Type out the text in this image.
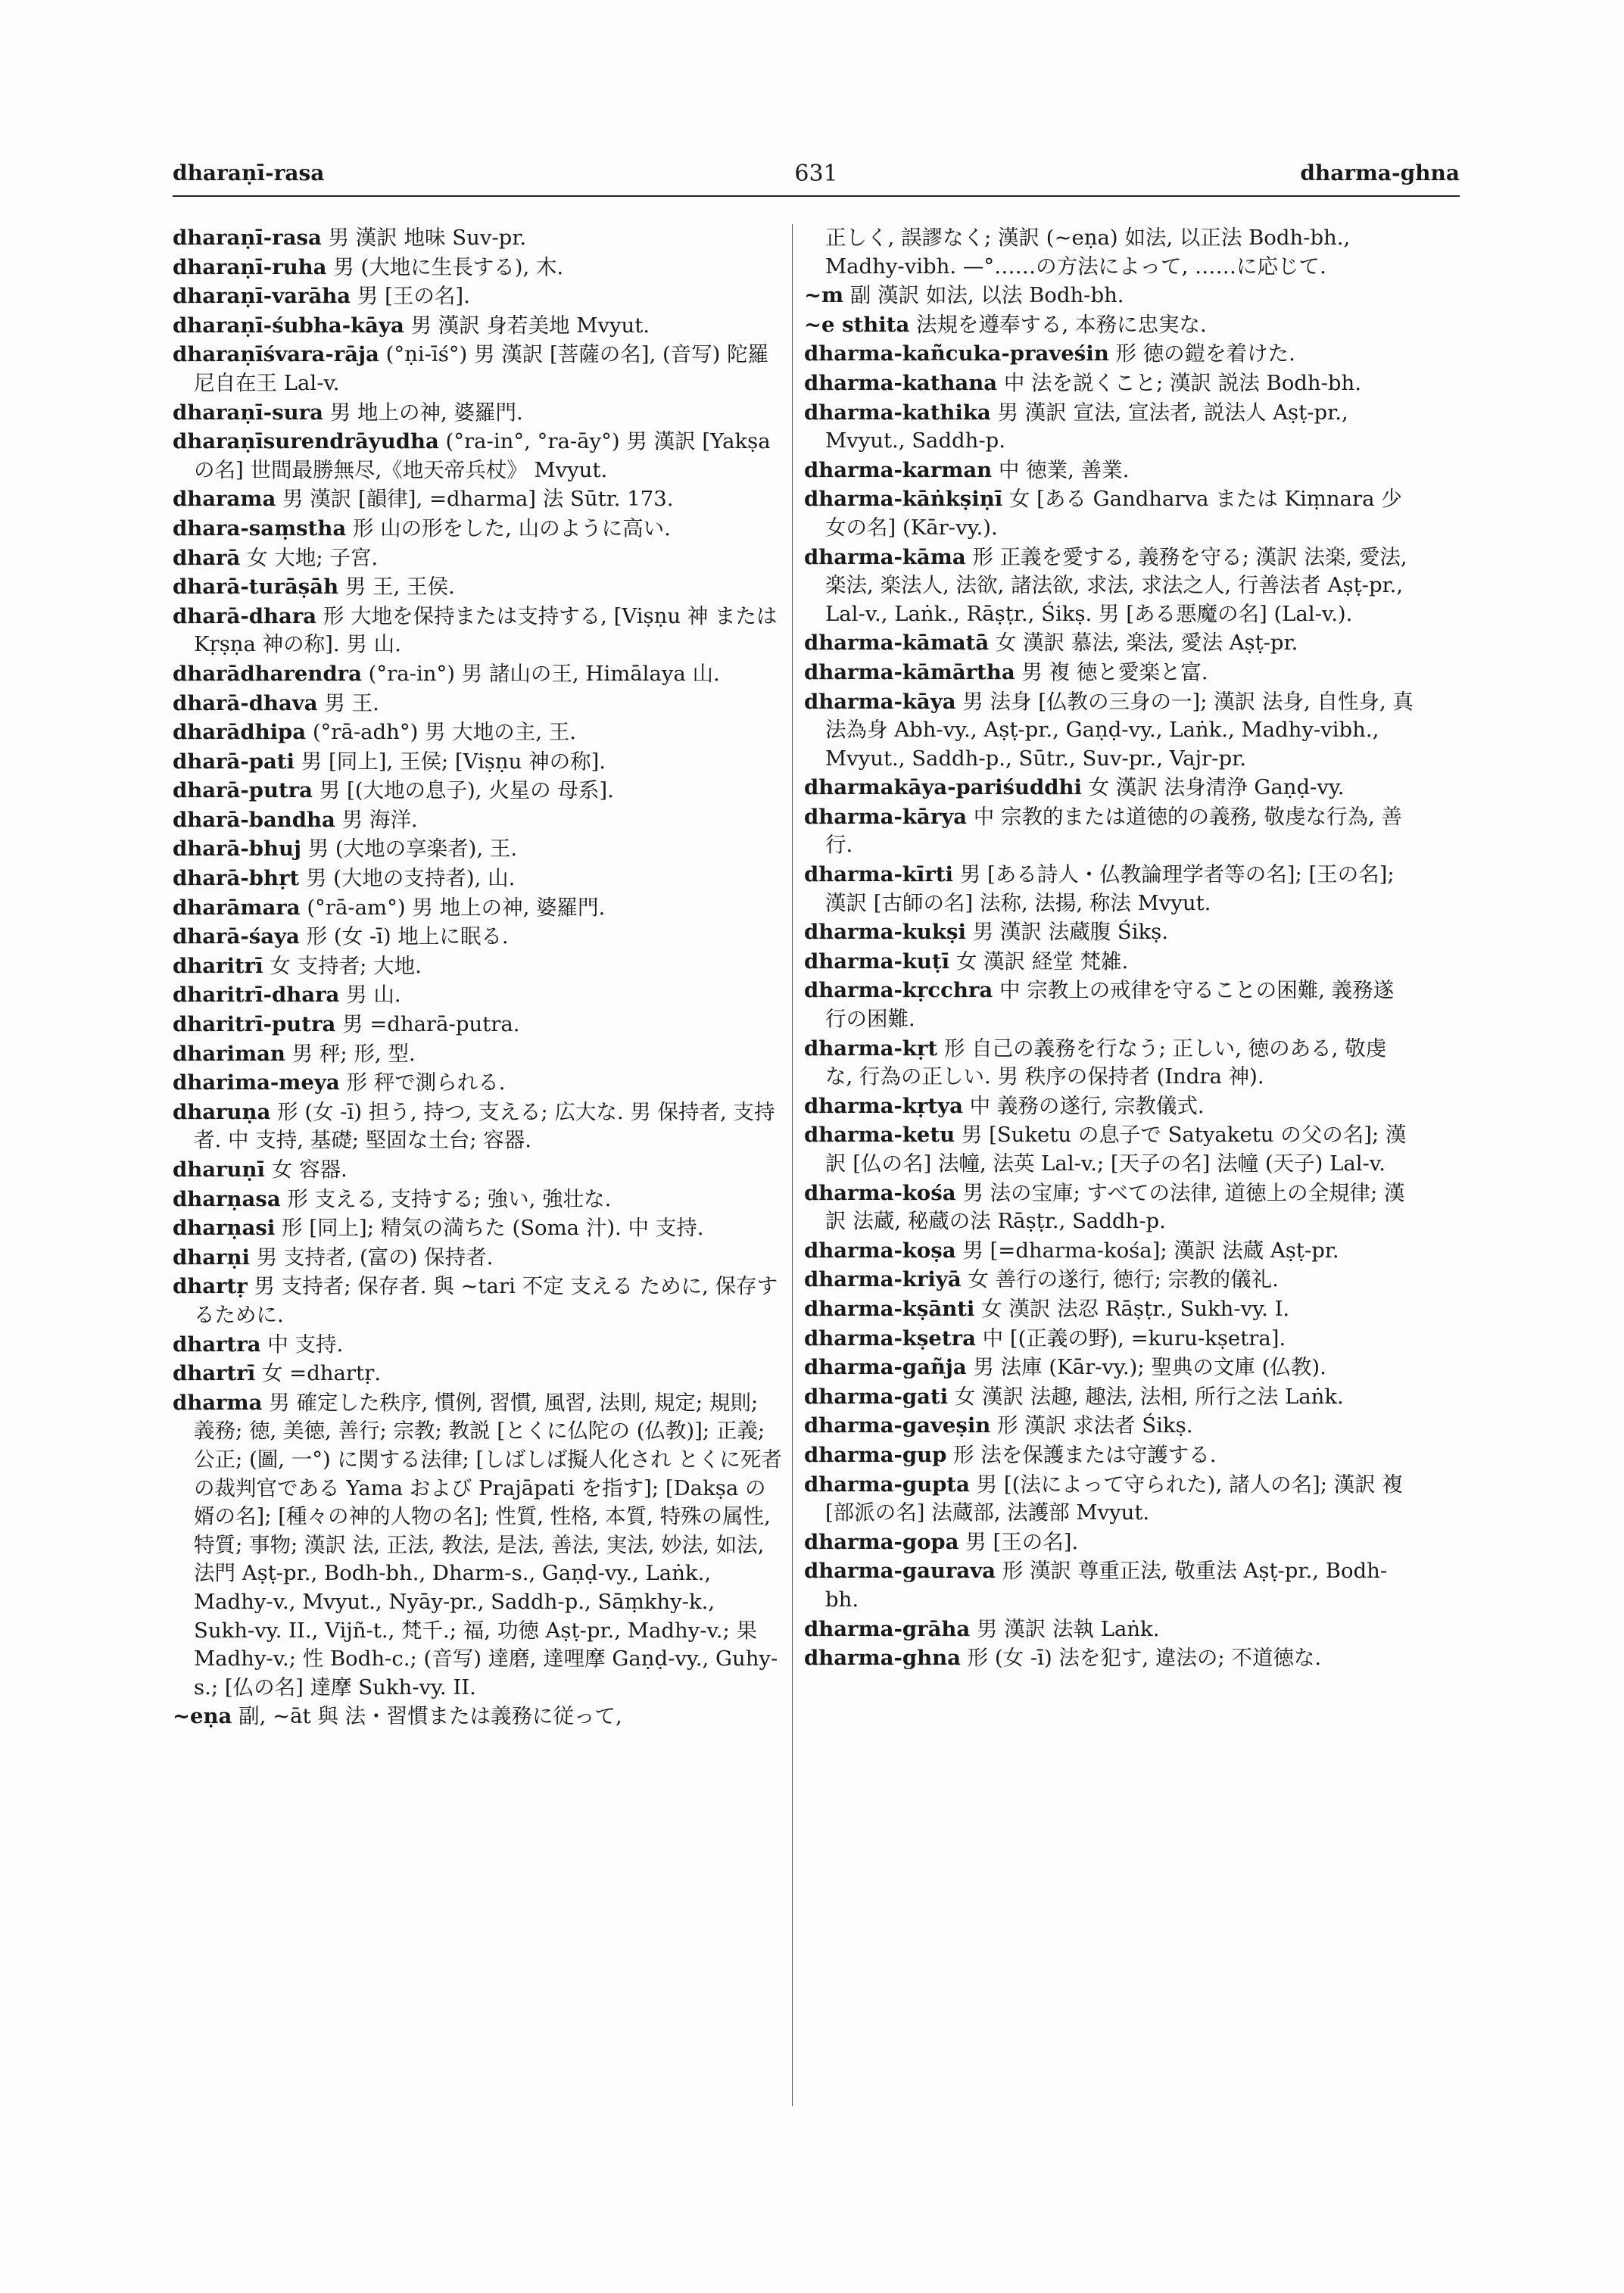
dharaṇī-rasa	631	dharma-ghna
dharaṇī-rasa 男 漢訳 地味 Suv-pr.
dharaṇī-ruha 男 (大地に生長する), 木.
dharaṇī-varāha 男 [王の名].
dharaṇī-śubha-kāya 男 漢訳 身若美地 Mvyut.
dharaṇīśvara-rāja (°ṇi-īś°) 男 漢訳 [菩薩の名], (音写) 陀羅尼自在王 Lal-v.
dharaṇī-sura 男 地上の神, 婆羅門.
dharaṇīsurendrāyudha (°ra-in°, °ra-āy°) 男 漢訳 [Yakṣa の名] 世間最勝無尽,《地天帝兵杖》 Mvyut.
dharama 男 漢訳 [韻律], =dharma] 法 Sūtr. 173.
dhara-saṃstha 形 山の形をした, 山のように高い.
dharā 女 大地; 子宮.
dharā-turāṣāh 男 王, 王侯.
dharā-dhara 形 大地を保持または支持する, [Viṣṇu 神 または Kṛṣṇa 神の称]. 男 山.
dharādharendra (°ra-in°) 男 諸山の王, Himālaya 山.
dharā-dhava 男 王.
dharādhipa (°rā-adh°) 男 大地の主, 王.
dharā-pati 男 [同上], 王侯; [Viṣṇu 神の称].
dharā-putra 男 [(大地の息子), 火星の 母系].
dharā-bandha 男 海洋.
dharā-bhuj 男 (大地の享楽者), 王.
dharā-bhṛt 男 (大地の支持者), 山.
dharāmara (°rā-am°) 男 地上の神, 婆羅門.
dharā-śaya 形 (女 -ī) 地上に眠る.
dharitrī 女 支持者; 大地.
dharitrī-dhara 男 山.
dharitrī-putra 男 =dharā-putra.
dhariman 男 秤; 形, 型.
dharima-meya 形 秤で測られる.
dharuṇa 形 (女 -ī) 担う, 持つ, 支える; 広大な. 男 保持者, 支持者. 中 支持, 基礎; 堅固な土台; 容器.
dharuṇī 女 容器.
dharṇasa 形 支える, 支持する; 強い, 強壮な.
dharṇasi 形 [同上]; 精気の満ちた (Soma 汁). 中 支持.
dharṇi 男 支持者, (富の) 保持者.
dhartṛ 男 支持者; 保存者. 與 ~tari 不定 支える ために, 保存するために.
dhartra 中 支持.
dhartrī 女 =dhartṛ.
dharma 男 確定した秩序, 慣例, 習慣, 風習, 法則, 規定; 規則; 義務; 徳, 美徳, 善行; 宗教; 教説 [とくに仏陀の (仏教)]; 正義; 公正; (圖, 一°) に関する法律; [しばしば擬人化され とくに死者の裁判官である Yama および Prajāpati を指す]; [Dakṣa の婿の名]; [種々の神的人物の名]; 性質, 性格, 本質, 特殊の属性, 特質; 事物; 漢訳 法, 正法, 教法, 是法, 善法, 実法, 妙法, 如法, 法門 Aṣṭ-pr., Bodh-bh., Dharm-s., Gaṇḍ-vy., Laṅk., Madhy-v., Mvyut., Nyāy-pr., Saddh-p., Sāṃkhy-k., Sukh-vy. II., Vijñ-t., 梵千.; 福, 功徳 Aṣṭ-pr., Madhy-v.; 果 Madhy-v.; 性 Bodh-c.; (音写) 達磨, 達哩摩 Gaṇḍ-vy., Guhy-s.; [仏の名] 達摩 Sukh-vy. II.
~eṇa 副, ~āt 與 法・習慣または義務に従って,
正しく, 誤謬なく; 漢訳 (~eṇa) 如法, 以正法 Bodh-bh., Madhy-vibh. —°……の方法によって, ……に応じて.
~m 副 漢訳 如法, 以法 Bodh-bh.
~e sthita 法規を遵奉する, 本務に忠実な.
dharma-kañcuka-praveśin 形 徳の鎧を着けた.
dharma-kathana 中 法を説くこと; 漢訳 説法 Bodh-bh.
dharma-kathika 男 漢訳 宣法, 宣法者, 説法人 Aṣṭ-pr., Mvyut., Saddh-p.
dharma-karman 中 徳業, 善業.
dharma-kāṅkṣiṇī 女 [ある Gandharva または Kiṃnara 少女の名] (Kār-vy.).
dharma-kāma 形 正義を愛する, 義務を守る; 漢訳 法楽, 愛法, 楽法, 楽法人, 法欲, 諸法欲, 求法, 求法之人, 行善法者 Aṣṭ-pr., Lal-v., Laṅk., Rāṣṭr., Śikṣ. 男 [ある悪魔の名] (Lal-v.).
dharma-kāmatā 女 漢訳 慕法, 楽法, 愛法 Aṣṭ-pr.
dharma-kāmārtha 男 複 徳と愛楽と富.
dharma-kāya 男 法身 [仏教の三身の一]; 漢訳 法身, 自性身, 真法為身 Abh-vy., Aṣṭ-pr., Gaṇḍ-vy., Laṅk., Madhy-vibh., Mvyut., Saddh-p., Sūtr., Suv-pr., Vajr-pr.
dharmakāya-pariśuddhi 女 漢訳 法身清浄 Gaṇḍ-vy.
dharma-kārya 中 宗教的または道徳的の義務, 敬虔な行為, 善行.
dharma-kīrti 男 [ある詩人・仏教論理学者等の名]; [王の名]; 漢訳 [古師の名] 法称, 法揚, 称法 Mvyut.
dharma-kukṣi 男 漢訳 法蔵腹 Śikṣ.
dharma-kuṭī 女 漢訳 経堂 梵雑.
dharma-kṛcchra 中 宗教上の戒律を守ることの困難, 義務遂行の困難.
dharma-kṛt 形 自己の義務を行なう; 正しい, 徳のある, 敬虔な, 行為の正しい. 男 秩序の保持者 (Indra 神).
dharma-kṛtya 中 義務の遂行, 宗教儀式.
dharma-ketu 男 [Suketu の息子で Satyaketu の父の名]; 漢訳 [仏の名] 法幢, 法英 Lal-v.; [天子の名] 法幢 (天子) Lal-v.
dharma-kośa 男 法の宝庫; すべての法律, 道徳上の全規律; 漢訳 法蔵, 秘蔵の法 Rāṣṭr., Saddh-p.
dharma-koṣa 男 [=dharma-kośa]; 漢訳 法蔵 Aṣṭ-pr.
dharma-kriyā 女 善行の遂行, 徳行; 宗教的儀礼.
dharma-kṣānti 女 漢訳 法忍 Rāṣṭr., Sukh-vy. I.
dharma-kṣetra 中 [(正義の野), =kuru-kṣetra].
dharma-gañja 男 法庫 (Kār-vy.); 聖典の文庫 (仏教).
dharma-gati 女 漢訳 法趣, 趣法, 法相, 所行之法 Laṅk.
dharma-gaveṣin 形 漢訳 求法者 Śikṣ.
dharma-gup 形 法を保護または守護する.
dharma-gupta 男 [(法によって守られた), 諸人の名]; 漢訳 複 [部派の名] 法蔵部, 法護部 Mvyut.
dharma-gopa 男 [王の名].
dharma-gaurava 形 漢訳 尊重正法, 敬重法 Aṣṭ-pr., Bodh-bh.
dharma-grāha 男 漢訳 法執 Laṅk.
dharma-ghna 形 (女 -ī) 法を犯す, 違法の; 不道徳な.
